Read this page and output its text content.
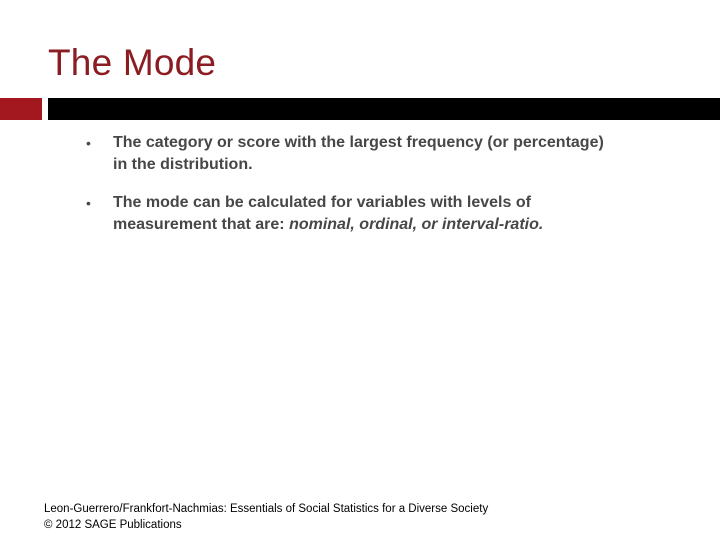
The Mode
•	The category or score with the largest frequency (or percentage) in the distribution.
•	The mode can be calculated for variables with levels of measurement that are: nominal, ordinal, or interval-ratio.
Leon-Guerrero/Frankfort-Nachmias: Essentials of Social Statistics for a Diverse Society
© 2012 SAGE Publications
